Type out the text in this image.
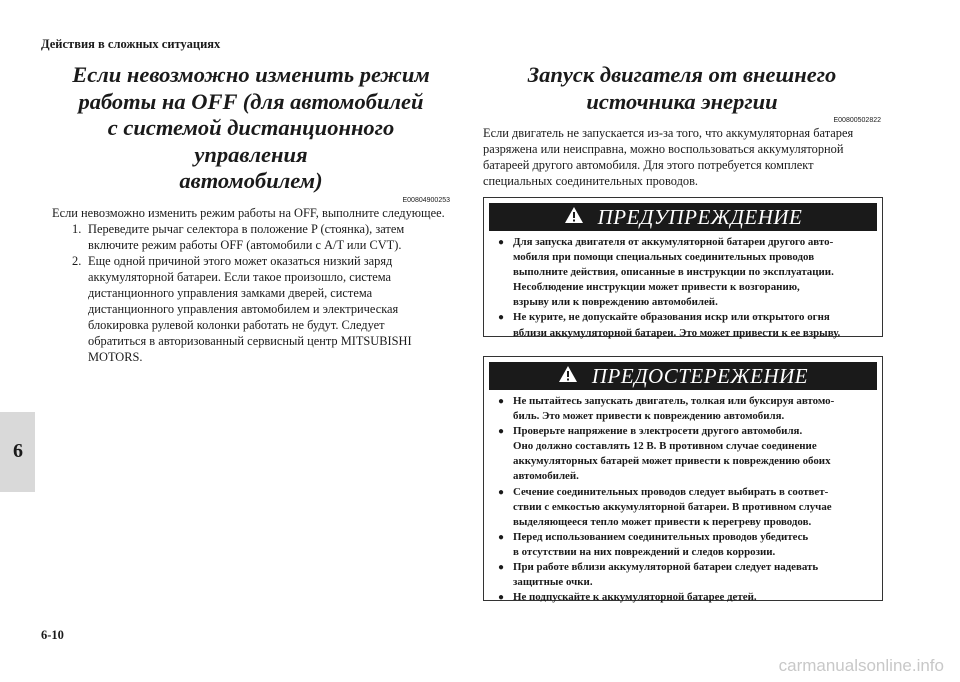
Действия в сложных ситуациях
6
Если невозможно изменить режим
работы на OFF (для автомобилей
с системой дистанционного управления
автомобилем)
E00804900253

Если невозможно изменить режим работы на OFF, выполните следующее.

1. Переведите рычаг селектора в положение P (стоянка), затем
включите режим работы OFF (автомобили с A/T или CVT).
2. Еще одной причиной этого может оказаться низкий заряд
аккумуляторной батареи. Если такое произошло, система
дистанционного управления замками дверей, система
дистанционного управления автомобилем и электрическая
блокировка рулевой колонки работать не будут. Следует
обратиться в авторизованный сервисный центр MITSUBISHI
MOTORS.
Запуск двигателя от внешнего
источника энергии
E00800502822
Если двигатель не запускается из-за того, что аккумуляторная батарея
разряжена или неисправна, можно воспользоваться аккумуляторной
батареей другого автомобиля. Для этого потребуется комплект
специальных соединительных проводов.
ПРЕДУПРЕЖДЕНИЕ
● Для запуска двигателя от аккумуляторной батареи другого авто-
мобиля при помощи специальных соединительных проводов
выполните действия, описанные в инструкции по эксплуатации.
Несоблюдение инструкции может привести к возгоранию,
взрыву или к повреждению автомобилей.
● Не курите, не допускайте образования искр или открытого огня
вблизи аккумуляторной батареи. Это может привести к ее взрыву.
ПРЕДОСТЕРЕЖЕНИЕ
● Не пытайтесь запускать двигатель, толкая или буксируя автомо-
биль. Это может привести к повреждению автомобиля.
● Проверьте напряжение в электросети другого автомобиля.
Оно должно составлять 12 В. В противном случае соединение
аккумуляторных батарей может привести к повреждению обоих
автомобилей.
● Сечение соединительных проводов следует выбирать в соответ-
ствии с емкостью аккумуляторной батареи. В противном случае
выделяющееся тепло может привести к перегреву проводов.
● Перед использованием соединительных проводов убедитесь
в отсутствии на них повреждений и следов коррозии.
● При работе вблизи аккумуляторной батареи следует надевать
защитные очки.
● Не подпускайте к аккумуляторной батарее детей.
6-10
carmanualsonline.info
